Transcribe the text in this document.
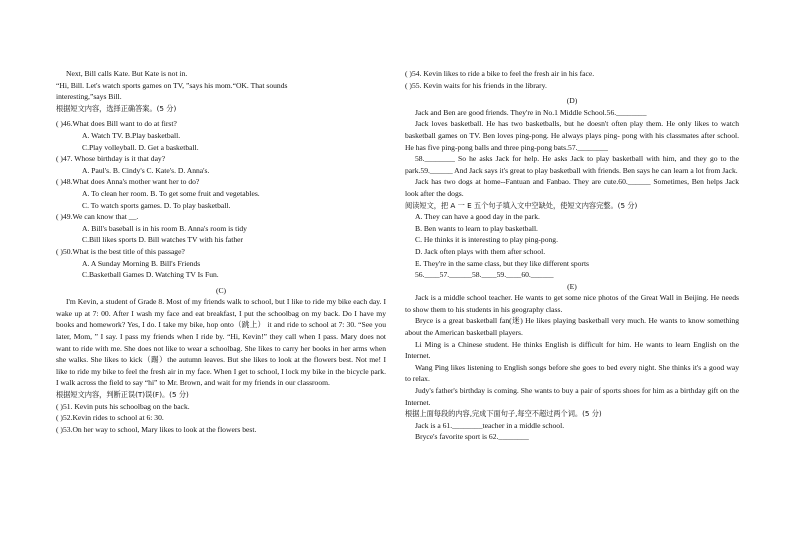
Next, Bill calls Kate. But Kate is not in.
“Hi, Bill. Let's watch sports games on TV, ”says his mom.“OK. That sounds
interesting,”says Bill.
根据短文内容，选择正确答案。(5 分)
( )46.What does Bill want to do at first?
A. Watch TV. B.Play basketball.
C.Play volleyball. D. Get a basketball.
( )47. Whose birthday is it that day?
A. Paul's. B. Cindy's C. Kate's. D. Anna's.
( )48.What does Anna's mother want her to do?
A. To clean her room. B. To get some fruit and vegetables.
C. To watch sports games. D. To play basketball.
( )49.We can know that __.
A. Bill's baseball is in his room B. Anna's room is tidy
C.Bill likes sports D. Bill watches TV with his father
( )50.What is the best title of this passage?
A. A Sunday Morning B. Bill's Friends
C.Basketball Games D. Watching TV Is Fun.
(C)
I'm Kevin, a student of Grade 8. Most of my friends walk to school, but I like to ride my bike each day. I wake up at 7: 00. After I wash my face and eat breakfast, I put the schoolbag on my back. Do I have my books and homework? Yes, I do. I take my bike, hop onto（跳上） it and ride to school at 7: 30. “See you later, Mom, ” I say. I pass my friends when I ride by. “Hi, Kevin!” they call when I pass. Mary does not want to ride with me. She does not like to wear a schoolbag. She likes to carry her books in her arms when she walks. She likes to kick（踢）the autumn leaves. But she likes to look at the flowers best. Not me! I like to ride my bike to feel the fresh air in my face. When I get to school, I lock my bike in the bicycle park. I walk across the field to say “hi” to Mr. Brown, and wait for my friends in our classroom.
根据短文内容，判断正误(T)误(F)。(5 分)
( )51. Kevin puts his schoolbag on the back.
( )52.Kevin rides to school at 6: 30.
( )53.On her way to school, Mary likes to look at the flowers best.
( )54. Kevin likes to ride a bike to feel the fresh air in his face.
( )55. Kevin waits for his friends in the library.
(D)
Jack and Ben are good friends. They're in No.1 Middle School.56.________
Jack loves basketball. He has two basketballs, but he doesn't often play them. He only likes to watch basketball games on TV. Ben loves ping-pong. He always plays ping- pong with his classmates after school. He has five ping-pong balls and three ping-pong bats.57.________
58.________ So he asks Jack for help. He asks Jack to play basketball with him, and they go to the park.59.______ And Jack says it's great to play basketball with friends. Ben says he can learn a lot from Jack.
Jack has two dogs at home--Fantuan and Fanbao. They are cute.60.______ Sometimes, Ben helps Jack look after the dogs.
阅读短文，把 A 一 E 五个句子填入文中空缺处，使短文内容完整。(5 分)
A. They can have a good day in the park.
B. Ben wants to learn to play basketball.
C. He thinks it is interesting to play ping-pong.
D. Jack often plays with them after school.
E. They're in the same class, but they like different sports
56.____57.______58.____59.____60.______
(E)
Jack is a middle school teacher. He wants to get some nice photos of the Great Wall in Beijing. He needs to show them to his students in his geography class.
Bryce is a great basketball fan(迷) He likes playing basketball very much. He wants to know something about the American basketball players.
Li Ming is a Chinese student. He thinks English is difficult for him. He wants to learn English on the Internet.
Wang Ping likes listening to English songs before she goes to bed every night. She thinks it's a good way to relax.
Judy's father's birthday is coming. She wants to buy a pair of sports shoes for him as a birthday gift on the Internet.
根据上面每段的内容,完成下面句子,每空不超过两个词。(5 分)
Jack is a 61.________teacher in a middle school.
Bryce's favorite sport is 62.________
